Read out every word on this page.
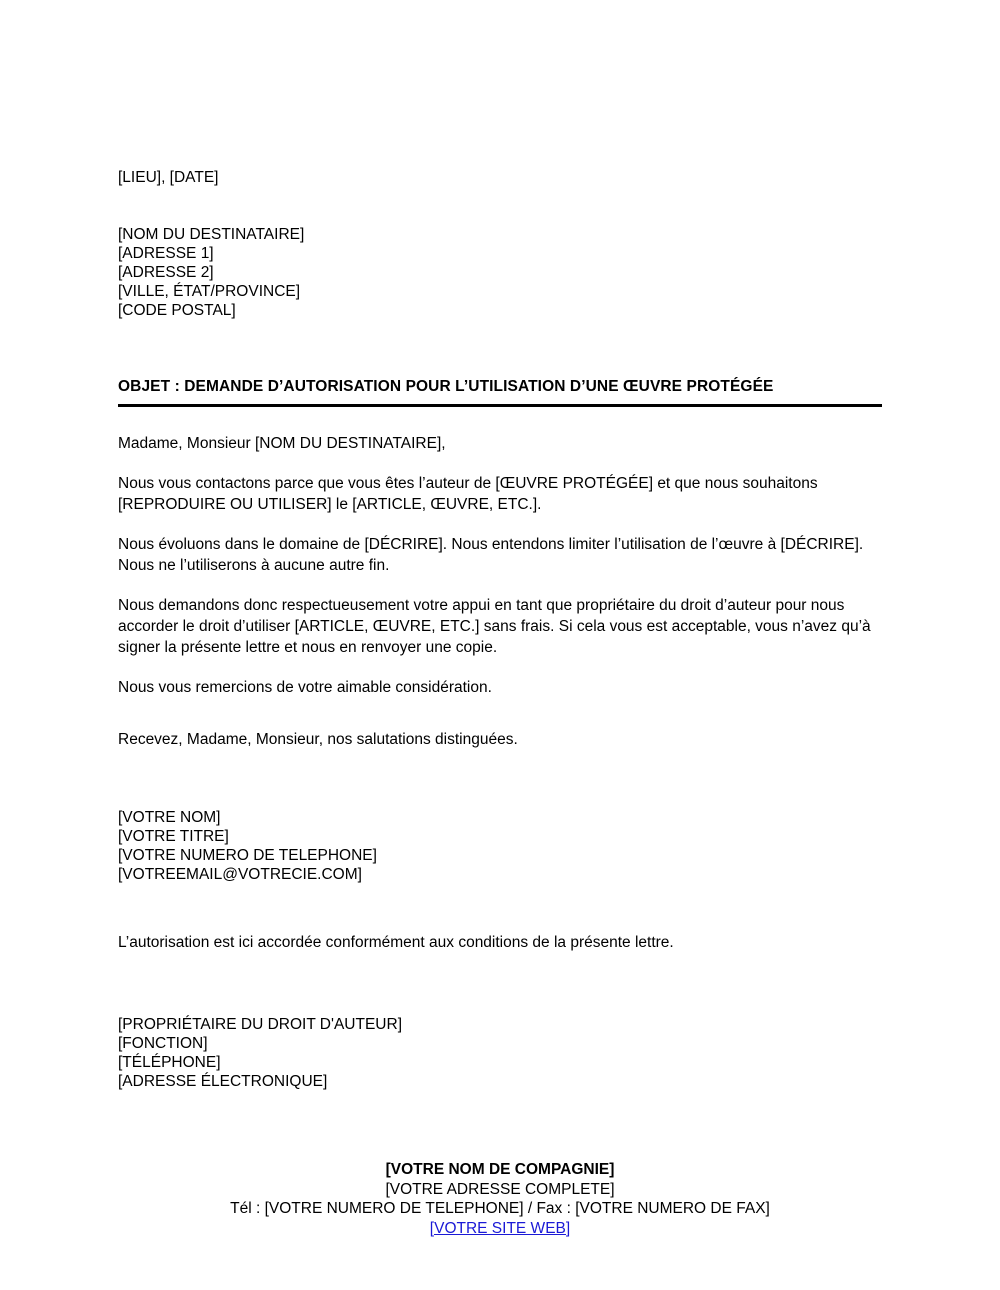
[LIEU], [DATE]
[NOM DU DESTINATAIRE]
[ADRESSE 1]
[ADRESSE 2]
[VILLE, ÉTAT/PROVINCE]
[CODE POSTAL]
OBJET : DEMANDE D’AUTORISATION POUR L’UTILISATION D’UNE ŒUVRE PROTÉGÉE
Madame, Monsieur [NOM DU DESTINATAIRE],
Nous vous contactons parce que vous êtes l’auteur de [ŒUVRE PROTÉGÉE] et que nous souhaitons [REPRODUIRE OU UTILISER] le [ARTICLE, ŒUVRE, ETC.].
Nous évoluons dans le domaine de [DÉCRIRE]. Nous entendons limiter l’utilisation de l’œuvre à [DÉCRIRE]. Nous ne l’utiliserons à aucune autre fin.
Nous demandons donc respectueusement votre appui en tant que propriétaire du droit d’auteur pour nous accorder le droit d’utiliser [ARTICLE, ŒUVRE, ETC.] sans frais. Si cela vous est acceptable, vous n’avez qu’à signer la présente lettre et nous en renvoyer une copie.
Nous vous remercions de votre aimable considération.
Recevez, Madame, Monsieur, nos salutations distinguées.
[VOTRE NOM]
[VOTRE TITRE]
[VOTRE NUMERO DE TELEPHONE]
[VOTREEMAIL@VOTRECIE.COM]
L’autorisation est ici accordée conformément aux conditions de la présente lettre.
[PROPRIÉTAIRE DU DROIT D'AUTEUR]
[FONCTION]
[TÉLÉPHONE]
[ADRESSE ÉLECTRONIQUE]
[VOTRE NOM DE COMPAGNIE]
[VOTRE ADRESSE COMPLETE]
Tél : [VOTRE NUMERO DE TELEPHONE] / Fax : [VOTRE NUMERO DE FAX]
[VOTRE SITE WEB]
